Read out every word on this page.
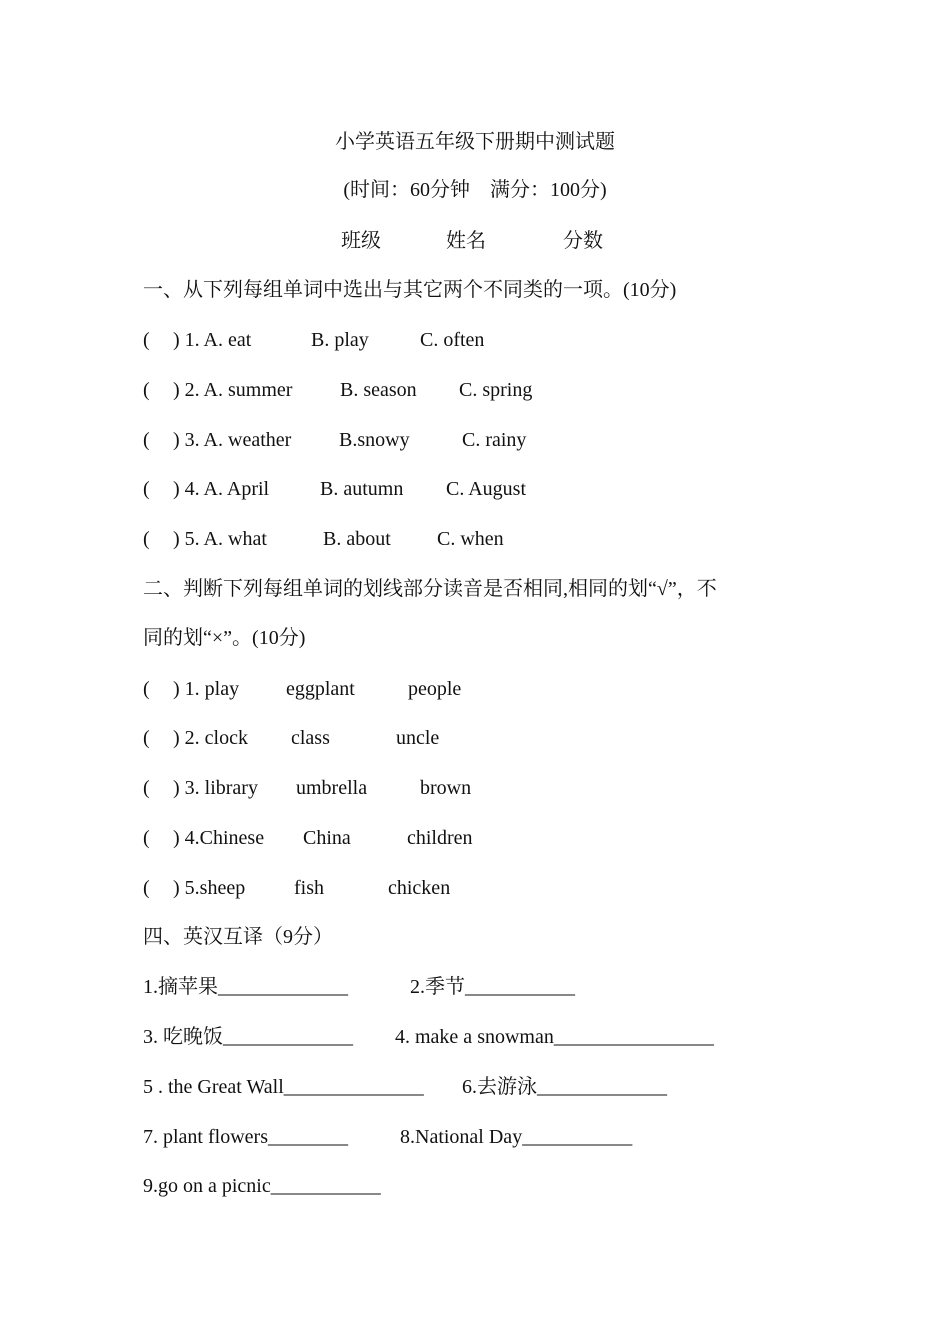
小学英语五年级下册期中测试题
(时间：60分钟　满分：100分)
班级	姓名	分数
一、从下列每组单词中选出与其它两个不同类的一项。(10分)
( ) 1. A. eat	B. play	C. often
( ) 2. A. summer B. season C. spring
( ) 3. A. weather B.snowy	C. rainy
( ) 4. A. April	B. autumn C. August
( ) 5. A. what	B. about C. when
二、判断下列每组单词的划线部分读音是否相同,相同的划“√”，不
同的划“×”。(10分)
( ) 1. play eggplant	people
( ) 2. clock class	uncle
( ) 3. library umbrella	brown
( ) 4.Chinese China	children
( ) 5.sheep fish	chicken
四、英汉互译（9分）
1.摘苹果_____________	2.季节___________
3. 吃晚饭_____________ 4. make a snowman________________
5 . the Great Wall______________ 6.去游泳_____________
7. plant flowers________	8.National Day___________
9.go on a picnic___________
